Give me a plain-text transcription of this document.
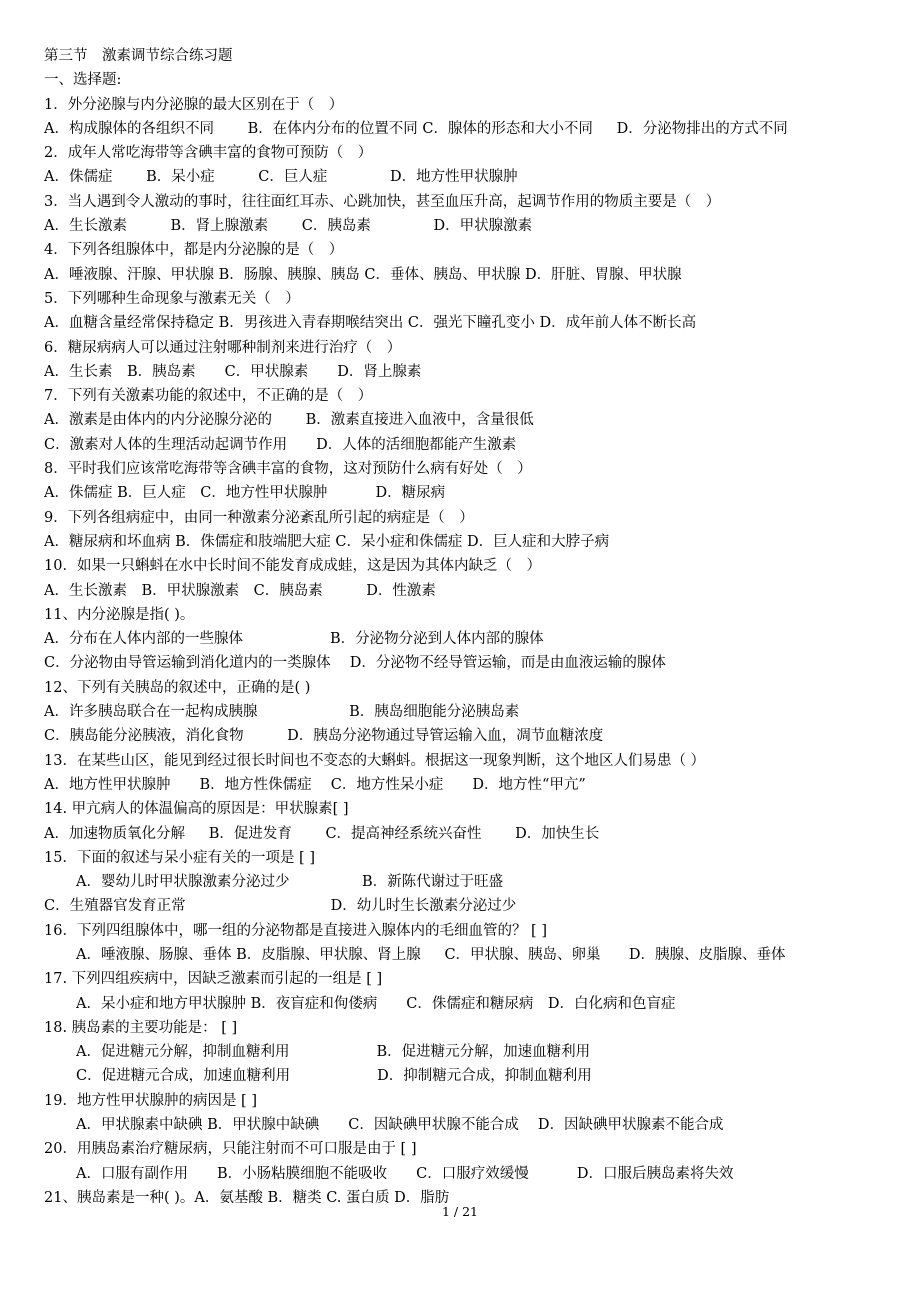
第三节　激素调节综合练习题
一、选择题:
1．外分泌腺与内分泌腺的最大区别在于（　）
A．构成腺体的各组织不同　　 B．在体内分布的位置不同 C．腺体的形态和大小不同　  D．分泌物排出的方式不同
2．成年人常吃海带等含碘丰富的食物可预防（　）
A．侏儒症　　 B．呆小症　　　C．巨人症　　　　 D．地方性甲状腺肿
3．当人遇到令人激动的事时，往往面红耳赤、心跳加快，甚至血压升高，起调节作用的物质主要是（　）
A．生长激素　　　B．肾上腺激素　　 C．胰岛素　　　　 D．甲状腺激素
4．下列各组腺体中，都是内分泌腺的是（　）
A．唾液腺、汗腺、甲状腺 B．肠腺、胰腺、胰岛 C．垂体、胰岛、甲状腺 D．肝脏、胃腺、甲状腺
5．下列哪种生命现象与激素无关（　）
A．血糖含量经常保持稳定 B．男孩进入青春期喉结突出 C．强光下瞳孔变小 D．成年前人体不断长高
6．糖尿病病人可以通过注射哪种制剂来进行治疗（　）
A．生长素　B．胰岛素　　C．甲状腺素　　D．肾上腺素
7．下列有关激素功能的叙述中，不正确的是（　）
A．激素是由体内的内分泌腺分泌的　　 B．激素直接进入血液中，含量很低
C．激素对人体的生理活动起调节作用　　D．人体的活细胞都能产生激素
8．平时我们应该常吃海带等含碘丰富的食物，这对预防什么病有好处（　）
A．侏儒症 B．巨人症　C．地方性甲状腺肿　　　 D．糖尿病
9．下列各组病症中，由同一种激素分泌紊乱所引起的病症是（　）
A．糖尿病和坏血病 B．侏儒症和肢端肥大症 C．呆小症和侏儒症 D．巨人症和大脖子病
10．如果一只蝌蚪在水中长时间不能发育成成蛙，这是因为其体内缺乏（　）
A．生长激素　B．甲状腺激素　C．胰岛素　　　D．性激素
11、内分泌腺是指( )。
A．分布在人体内部的一些腺体　　　　　　B．分泌物分泌到人体内部的腺体
C．分泌物由导管运输到消化道内的一类腺体　 D．分泌物不经导管运输，而是由血液运输的腺体
12、下列有关胰岛的叙述中，正确的是( )
A．许多胰岛联合在一起构成胰腺　　　　　　 B．胰岛细胞能分泌胰岛素
C．胰岛能分泌胰液，消化食物　　　D．胰岛分泌物通过导管运输入血，凋节血糖浓度
13．在某些山区，能见到经过很长时间也不变态的大蝌蚪。根据这一现象判断，这个地区人们易患（ ）
A．地方性甲状腺肿　　B．地方性侏儒症　 C．地方性呆小症　　D．地方性“甲亢”
14. 甲亢病人的体温偏高的原因是：甲状腺素[ ]
A．加速物质氧化分解　  B．促进发育　　 C．提高神经系统兴奋性　　 D．加快生长
15．下面的叙述与呆小症有关的一项是 [ ]
A．婴幼儿时甲状腺激素分泌过少　　　　　B．新陈代谢过于旺盛
C．生殖器官发育正常　　　　　　　　　　D．幼儿时生长激素分泌过少
16．下列四组腺体中，哪一组的分泌物都是直接进入腺体内的毛细血管的？ [ ]
A．唾液腺、肠腺、垂体 B．皮脂腺、甲状腺、肾上腺　  C．甲状腺、胰岛、卵巢　   D．胰腺、皮脂腺、垂体
17. 下列四组疾病中，因缺乏激素而引起的一组是 [ ]
A．呆小症和地方甲状腺肿 B．夜盲症和佝偻病　　C．侏儒症和糖尿病　D．白化病和色盲症
18. 胰岛素的主要功能是： [ ]
A．促进糖元分解，抑制血糖利用　　　　　　B．促进糖元分解，加速血糖利用
C．促进糖元合成，加速血糖利用　　　　　　D．抑制糖元合成，抑制血糖利用
19．地方性甲状腺肿的病因是 [ ]
A．甲状腺素中缺碘 B．甲状腺中缺碘　　C．因缺碘甲状腺不能合成　 D．因缺碘甲状腺素不能合成
20．用胰岛素治疗糖尿病，只能注射而不可口服是由于 [ ]
A．口服有副作用　　B．小肠粘膜细胞不能吸收　　C．口服疗效缓慢　　　 D．口服后胰岛素将失效
21、胰岛素是一种( )。A．氨基酸 B．糖类 C. 蛋白质 D．脂肪
1 / 21
